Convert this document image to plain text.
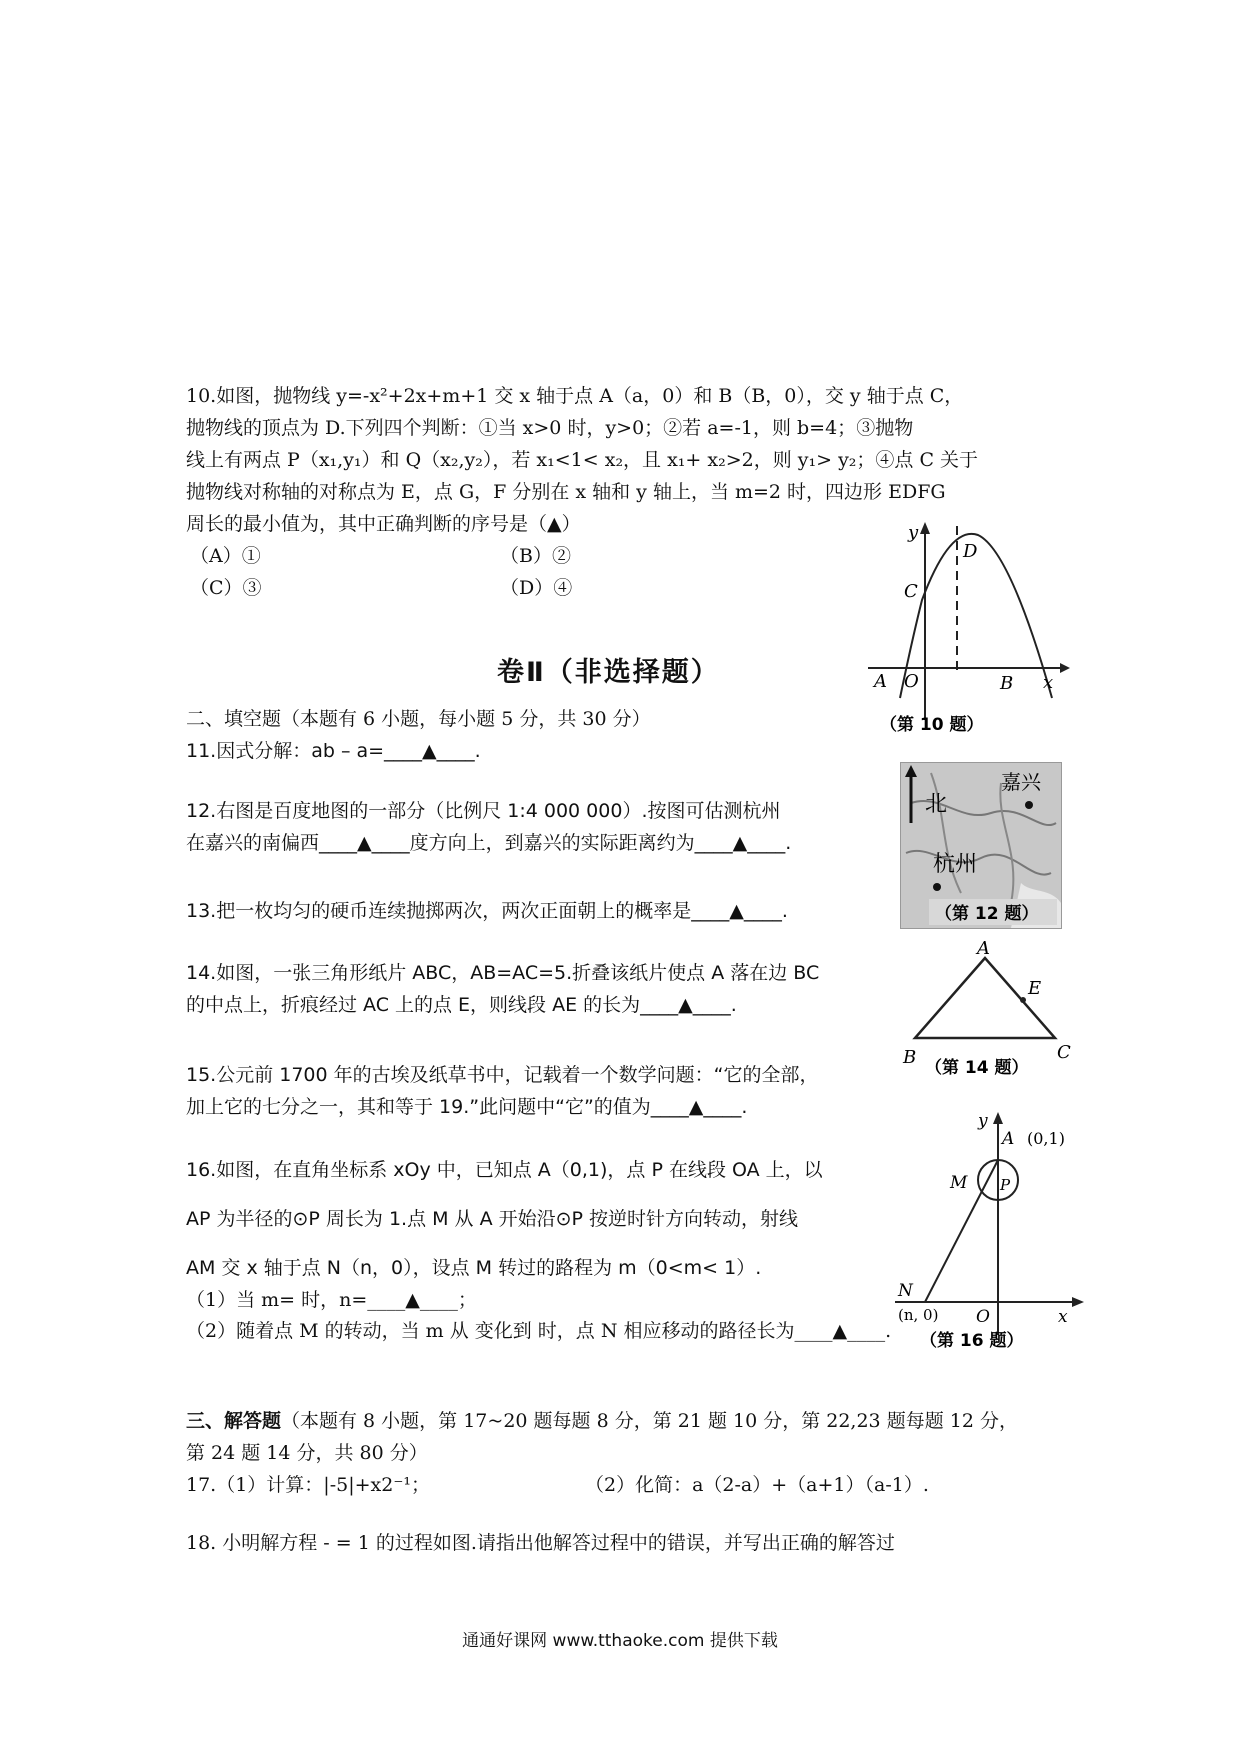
10.如图，抛物线 y=-x²+2x+m+1 交 x 轴于点 A（a，0）和 B（B，0），交 y 轴于点 C，
抛物线的顶点为 D.下列四个判断：①当 x>0 时，y>0；②若 a=-1，则 b=4；③抛物
线上有两点 P（x₁,y₁）和 Q（x₂,y₂），若 x₁<1< x₂，且 x₁+ x₂>2，则 y₁> y₂；④点 C 关于
抛物线对称轴的对称点为 E，点 G，F 分别在 x 轴和 y 轴上，当 m=2 时，四边形 EDFG
周长的最小值为，其中正确判断的序号是（▲）
（A）①	（B）②
（C）③	（D）④
y
D
C
A O	B x
（第 10 题）
卷Ⅱ（非选择题）
二、填空题（本题有 6 小题，每小题 5 分，共 30 分）
11.因式分解：ab – a=____▲____.
12.右图是百度地图的一部分（比例尺 1:4 000 000）.按图可估测杭州
在嘉兴的南偏西____▲____度方向上，到嘉兴的实际距离约为____▲____.
北
嘉兴
杭州
（第 12 题）
13.把一枚均匀的硬币连续抛掷两次，两次正面朝上的概率是____▲____.
14.如图，一张三角形纸片 ABC，AB=AC=5.折叠该纸片使点 A 落在边 BC
的中点上，折痕经过 AC 上的点 E，则线段 AE 的长为____▲____.
A
E
B	C
（第 14 题）
15.公元前 1700 年的古埃及纸草书中，记载着一个数学问题：“它的全部，
加上它的七分之一，其和等于 19.”此问题中“它”的值为____▲____.
16.如图，在直角坐标系 xOy 中，已知点 A（0,1)，点 P 在线段 OA 上，以
AP 为半径的⊙P 周长为 1.点 M 从 A 开始沿⊙P 按逆时针方向转动，射线
AM 交 x 轴于点 N（n，0），设点 M 转过的路程为 m（0<m< 1）.
（1）当 m= 时，n=____▲____；
（2）随着点 M 的转动，当 m 从 变化到 时，点 N 相应移动的路径长为____▲____.
y
A (0,1)
M P
N
(n, 0) O	x
（第 16 题）
三、解答题（本题有 8 小题，第 17~20 题每题 8 分，第 21 题 10 分，第 22,23 题每题 12 分，
第 24 题 14 分，共 80 分）
17.（1）计算：|-5|+x2⁻¹；	（2）化简：a（2-a）+（a+1）（a-1）.
18. 小明解方程 - = 1 的过程如图.请指出他解答过程中的错误，并写出正确的解答过
通通好课网 www.tthaoke.com 提供下载
